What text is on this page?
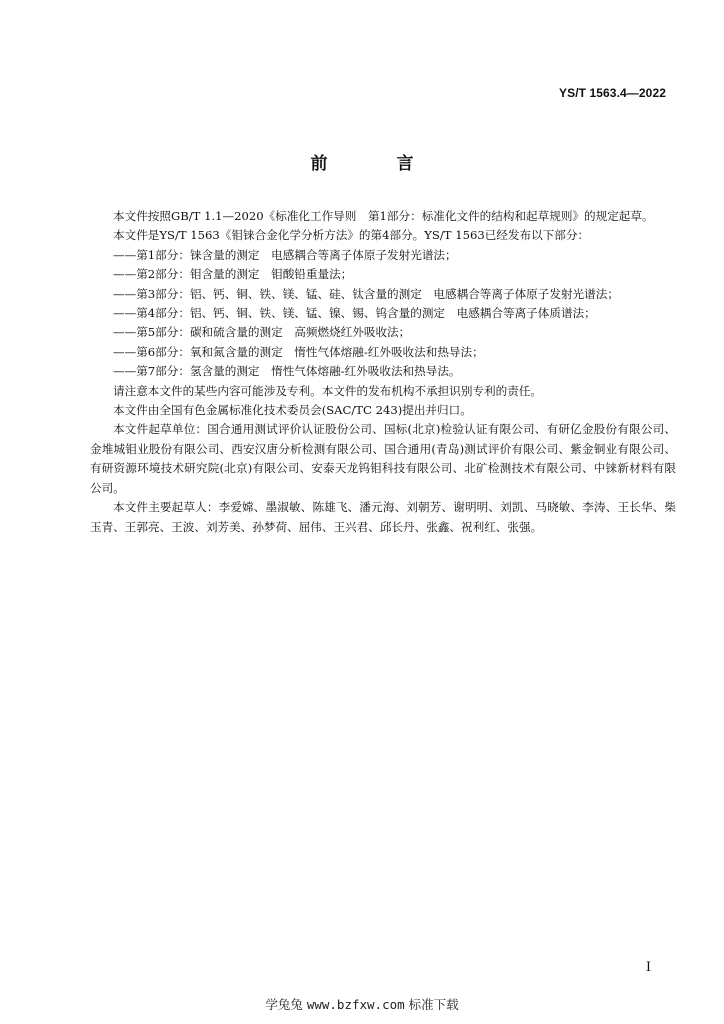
YS/T 1563.4—2022
前　言

本文件按照GB/T 1.1—2020《标准化工作导则　第1部分：标准化文件的结构和起草规则》的规定起草。

本文件是YS/T 1563《钼铼合金化学分析方法》的第4部分。YS/T 1563已经发布以下部分：

——第1部分：铼含量的测定　电感耦合等离子体原子发射光谱法；

——第2部分：钼含量的测定　钼酸铅重量法；

——第3部分：铝、钙、铜、铁、镁、锰、硅、钛含量的测定　电感耦合等离子体原子发射光谱法；

——第4部分：铝、钙、铜、铁、镁、锰、镍、锡、钨含量的测定　电感耦合等离子体质谱法；

——第5部分：碳和硫含量的测定　高频燃烧红外吸收法；

——第6部分：氧和氮含量的测定　惰性气体熔融-红外吸收法和热导法；

——第7部分：氢含量的测定　惰性气体熔融-红外吸收法和热导法。

请注意本文件的某些内容可能涉及专利。本文件的发布机构不承担识别专利的责任。

本文件由全国有色金属标准化技术委员会(SAC/TC 243)提出并归口。

本文件起草单位：国合通用测试评价认证股份公司、国标(北京)检验认证有限公司、有研亿金股份有限公司、金堆城钼业股份有限公司、西安汉唐分析检测有限公司、国合通用(青岛)测试评价有限公司、紫金铜业有限公司、有研资源环境技术研究院(北京)有限公司、安泰天龙钨钼科技有限公司、北矿检测技术有限公司、中铼新材料有限公司。

本文件主要起草人：李爱嫦、墨淑敏、陈雄飞、潘元海、刘朝芳、谢明明、刘凯、马晓敏、李涛、王长华、柴玉青、王郭亮、王波、刘芳美、孙梦荷、屈伟、王兴君、邱长丹、张鑫、祝利红、张强。

I
学兔兔 www.bzfxw.com 标准下载
